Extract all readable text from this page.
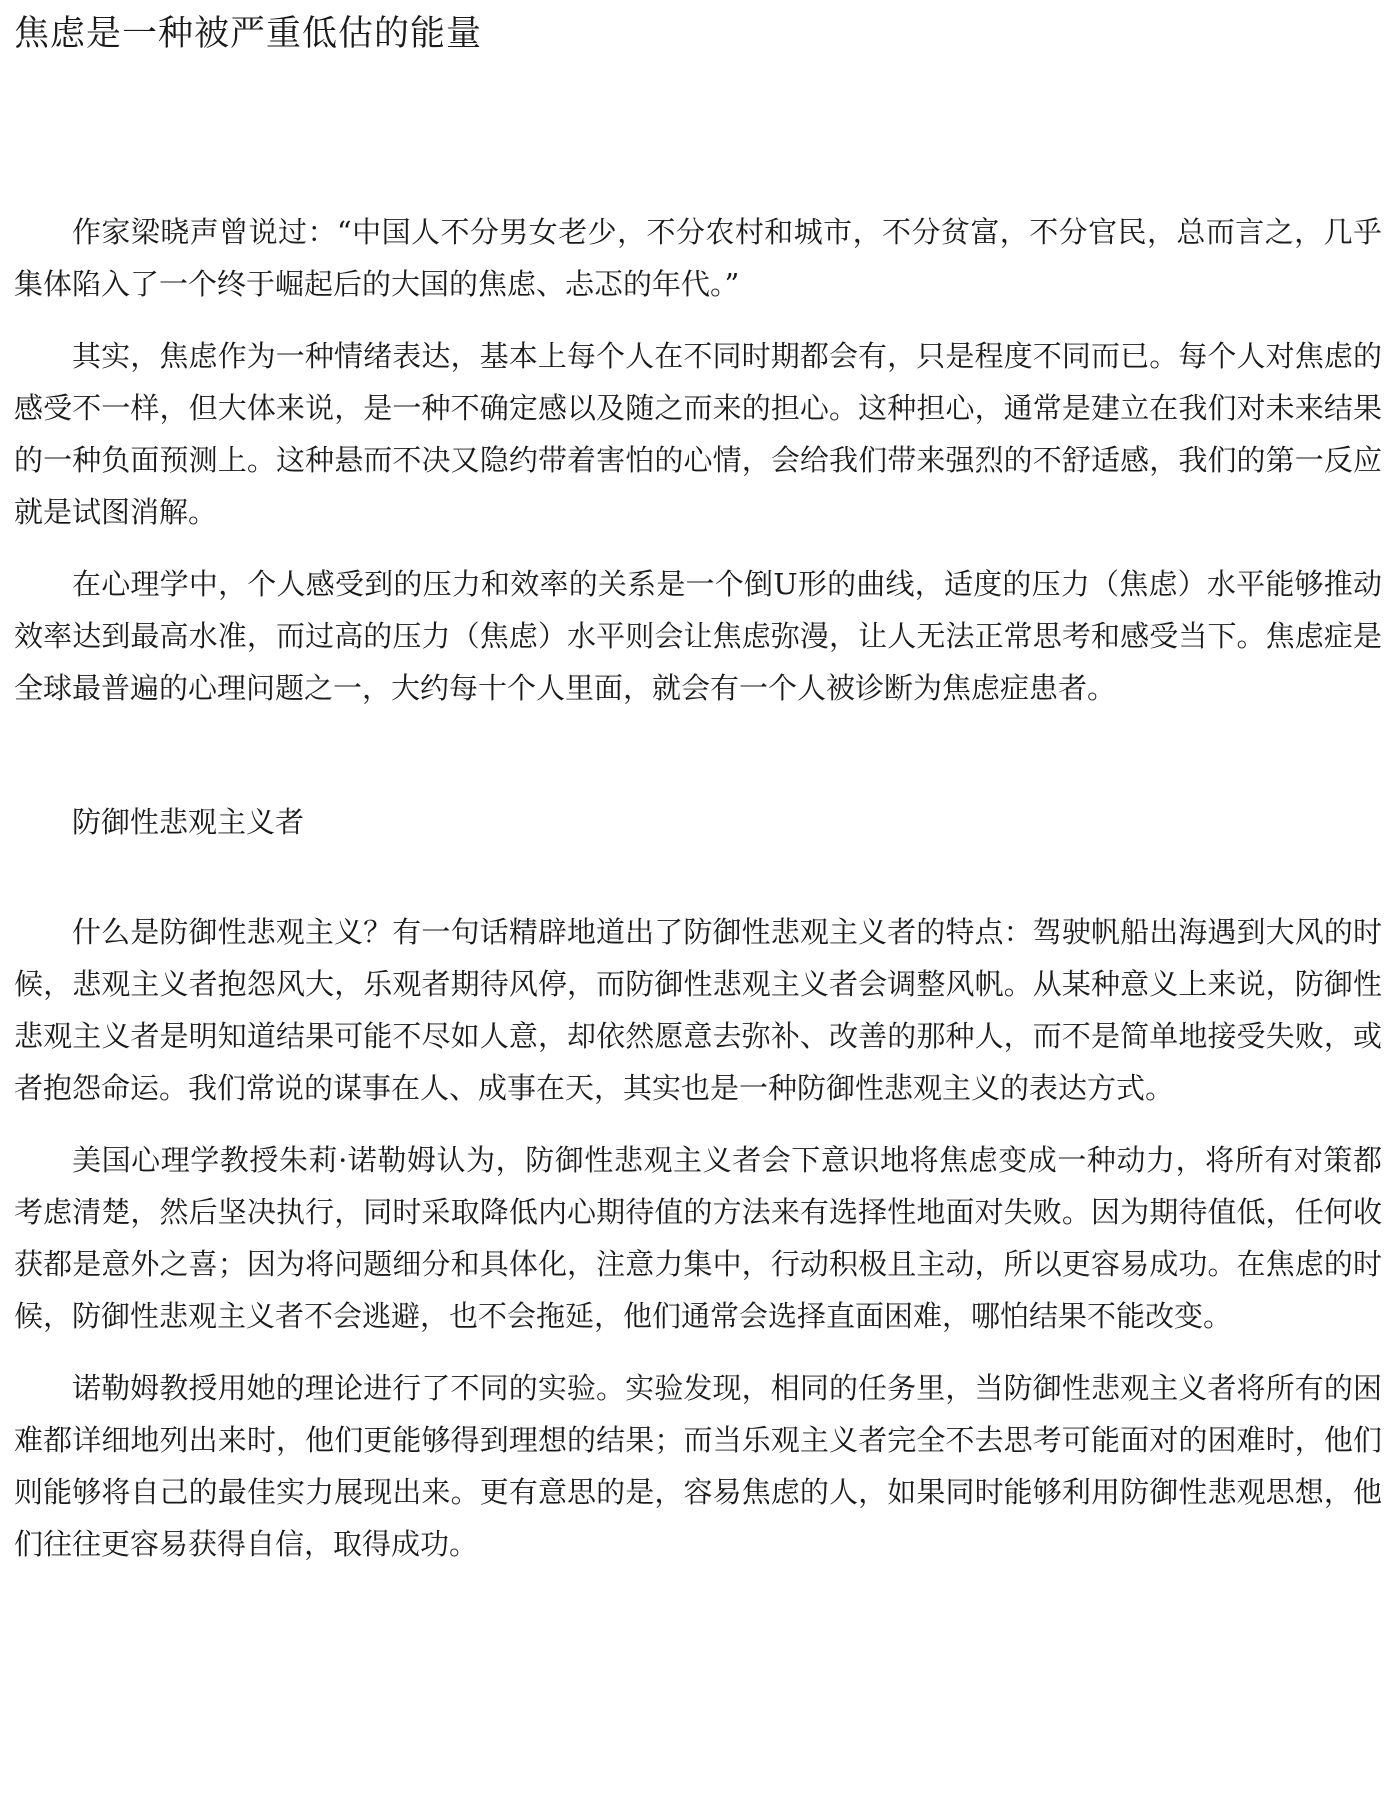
焦虑是一种被严重低估的能量

作家梁晓声曾说过：“中国人不分男女老少，不分农村和城市，不分贫富，不分官民，总而言之，几乎集体陷入了一个终于崛起后的大国的焦虑、忐忑的年代。”

其实，焦虑作为一种情绪表达，基本上每个人在不同时期都会有，只是程度不同而已。每个人对焦虑的感受不一样，但大体来说，是一种不确定感以及随之而来的担心。这种担心，通常是建立在我们对未来结果的一种负面预测上。这种悬而不决又隐约带着害怕的心情，会给我们带来强烈的不舒适感，我们的第一反应就是试图消解。

在心理学中，个人感受到的压力和效率的关系是一个倒U形的曲线，适度的压力（焦虑）水平能够推动效率达到最高水准，而过高的压力（焦虑）水平则会让焦虑弥漫，让人无法正常思考和感受当下。焦虑症是全球最普遍的心理问题之一，大约每十个人里面，就会有一个人被诊断为焦虑症患者。

防御性悲观主义者

什么是防御性悲观主义？有一句话精辟地道出了防御性悲观主义者的特点：驾驶帆船出海遇到大风的时候，悲观主义者抱怨风大，乐观者期待风停，而防御性悲观主义者会调整风帆。从某种意义上来说，防御性悲观主义者是明知道结果可能不尽如人意，却依然愿意去弥补、改善的那种人，而不是简单地接受失败，或者抱怨命运。我们常说的谋事在人、成事在天，其实也是一种防御性悲观主义的表达方式。

美国心理学教授朱莉·诺勒姆认为，防御性悲观主义者会下意识地将焦虑变成一种动力，将所有对策都考虑清楚，然后坚决执行，同时采取降低内心期待值的方法来有选择性地面对失败。因为期待值低，任何收获都是意外之喜；因为将问题细分和具体化，注意力集中，行动积极且主动，所以更容易成功。在焦虑的时候，防御性悲观主义者不会逃避，也不会拖延，他们通常会选择直面困难，哪怕结果不能改变。

诺勒姆教授用她的理论进行了不同的实验。实验发现，相同的任务里，当防御性悲观主义者将所有的困难都详细地列出来时，他们更能够得到理想的结果；而当乐观主义者完全不去思考可能面对的困难时，他们则能够将自己的最佳实力展现出来。更有意思的是，容易焦虑的人，如果同时能够利用防御性悲观思想，他们往往更容易获得自信，取得成功。
